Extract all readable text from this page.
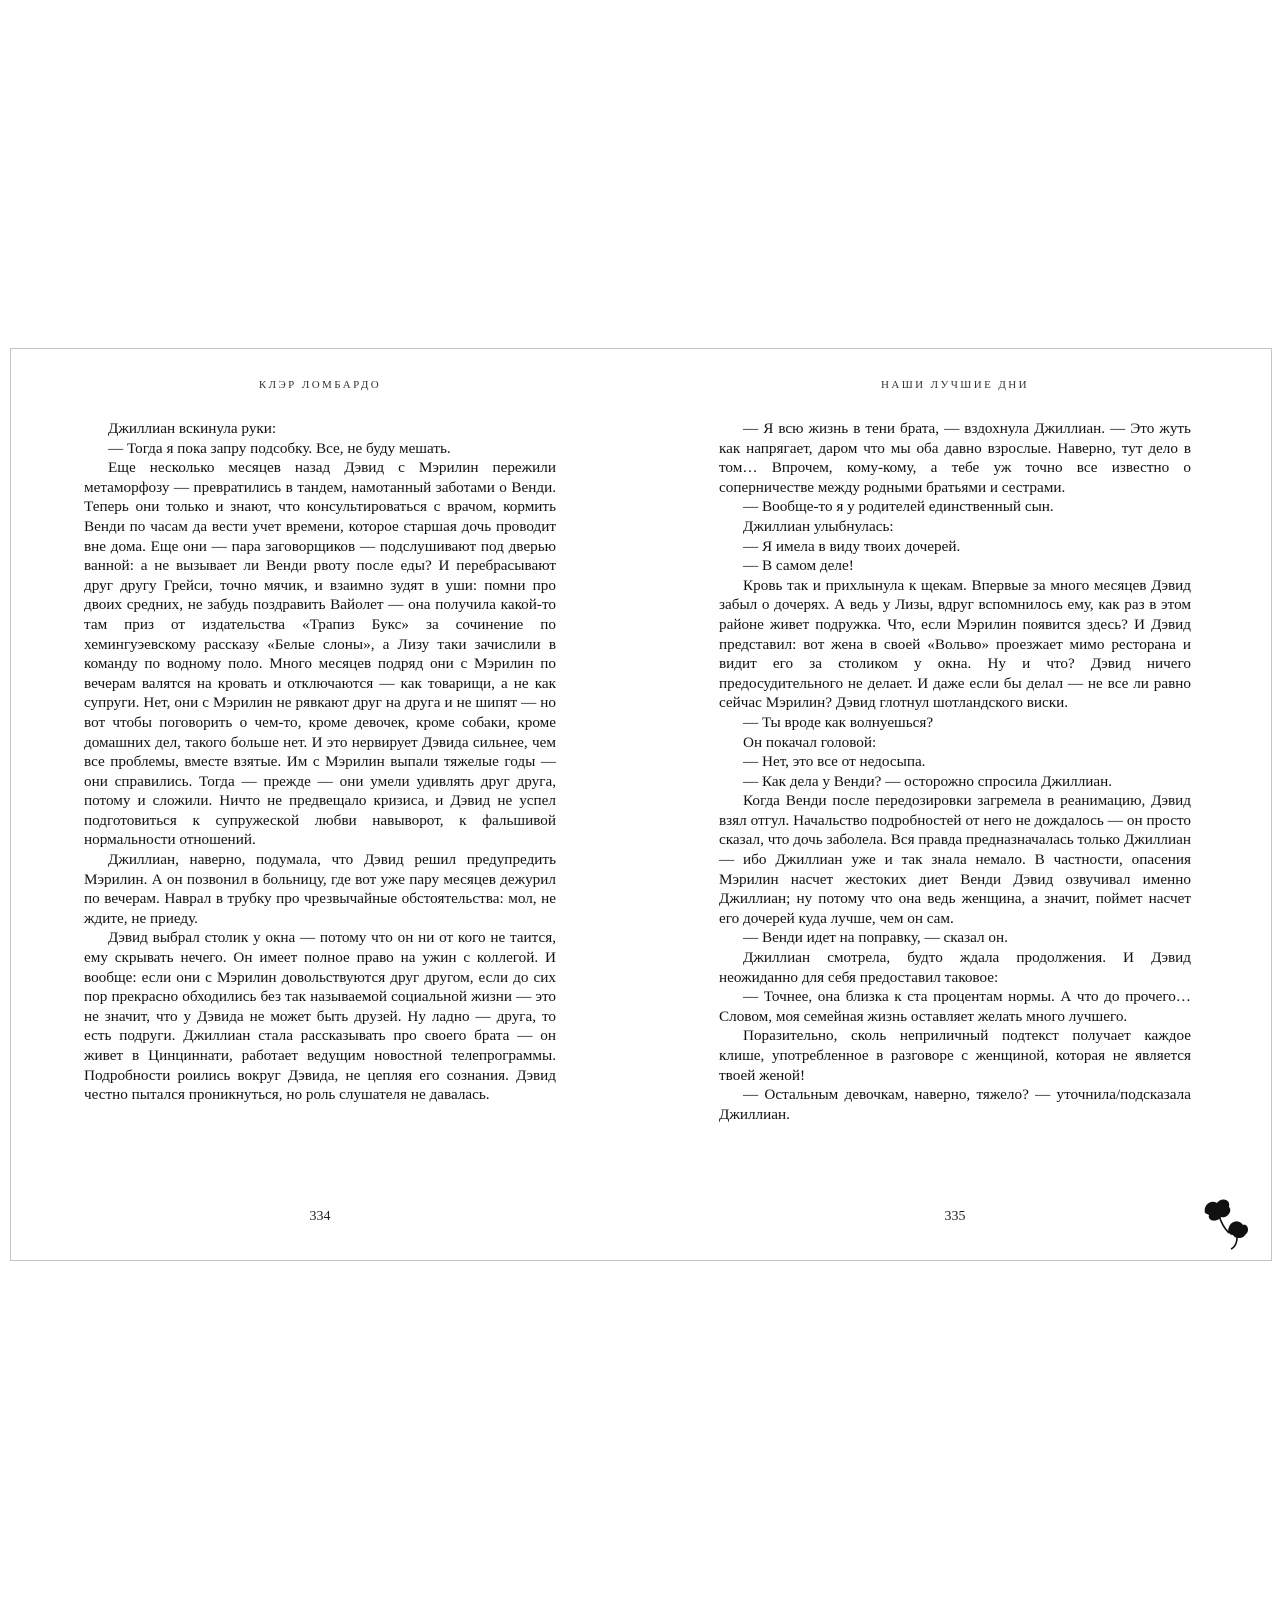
КЛЭР ЛОМБАРДО

Джиллиан вскинула руки:

— Тогда я пока запру подсобку. Все, не буду мешать.

Еще несколько месяцев назад Дэвид с Мэрилин пережили метаморфозу — превратились в тандем, намотанный заботами о Венди. Теперь они только и знают, что консультироваться с врачом, кормить Венди по часам да вести учет времени, которое старшая дочь проводит вне дома. Еще они — пара заговорщиков — подслушивают под дверью ванной: а не вызывает ли Венди рвоту после еды? И перебрасывают друг другу Грейси, точно мячик, и взаимно зудят в уши: помни про двоих средних, не забудь поздравить Вайолет — она получила какой-то там приз от издательства «Трапиз Букс» за сочинение по хемингуэевскому рассказу «Белые слоны», а Лизу таки зачислили в команду по водному поло. Много месяцев подряд они с Мэрилин по вечерам валятся на кровать и отключаются — как товарищи, а не как супруги. Нет, они с Мэрилин не рявкают друг на друга и не шипят — но вот чтобы поговорить о чем-то, кроме девочек, кроме собаки, кроме домашних дел, такого больше нет. И это нервирует Дэвида сильнее, чем все проблемы, вместе взятые. Им с Мэрилин выпали тяжелые годы — они справились. Тогда — прежде — они умели удивлять друг друга, потому и сложили. Ничто не предвещало кризиса, и Дэвид не успел подготовиться к супружеской любви навыворот, к фальшивой нормальности отношений.

Джиллиан, наверно, подумала, что Дэвид решил предупредить Мэрилин. А он позвонил в больницу, где вот уже пару месяцев дежурил по вечерам. Наврал в трубку про чрезвычайные обстоятельства: мол, не ждите, не приеду.

Дэвид выбрал столик у окна — потому что он ни от кого не таится, ему скрывать нечего. Он имеет полное право на ужин с коллегой. И вообще: если они с Мэрилин довольствуются друг другом, если до сих пор прекрасно обходились без так называемой социальной жизни — это не значит, что у Дэвида не может быть друзей. Ну ладно — друга, то есть подруги. Джиллиан стала рассказывать про своего брата — он живет в Цинциннати, работает ведущим новостной телепрограммы. Подробности роились вокруг Дэвида, не цепляя его сознания. Дэвид честно пытался проникнуться, но роль слушателя не давалась.

334
НАШИ ЛУЧШИЕ ДНИ

— Я всю жизнь в тени брата, — вздохнула Джиллиан. — Это жуть как напрягает, даром что мы оба давно взрослые. Наверно, тут дело в том… Впрочем, кому-кому, а тебе уж точно все известно о соперничестве между родными братьями и сестрами.

— Вообще-то я у родителей единственный сын.

Джиллиан улыбнулась:

— Я имела в виду твоих дочерей.

— В самом деле!

Кровь так и прихлынула к щекам. Впервые за много месяцев Дэвид забыл о дочерях. А ведь у Лизы, вдруг вспомнилось ему, как раз в этом районе живет подружка. Что, если Мэрилин появится здесь? И Дэвид представил: вот жена в своей «Вольво» проезжает мимо ресторана и видит его за столиком у окна. Ну и что? Дэвид ничего предосудительного не делает. И даже если бы делал — не все ли равно сейчас Мэрилин? Дэвид глотнул шотландского виски.

— Ты вроде как волнуешься?

Он покачал головой:

— Нет, это все от недосыпа.

— Как дела у Венди? — осторожно спросила Джиллиан.

Когда Венди после передозировки загремела в реанимацию, Дэвид взял отгул. Начальство подробностей от него не дождалось — он просто сказал, что дочь заболела. Вся правда предназначалась только Джиллиан — ибо Джиллиан уже и так знала немало. В частности, опасения Мэрилин насчет жестоких диет Венди Дэвид озвучивал именно Джиллиан; ну потому что она ведь женщина, а значит, поймет насчет его дочерей куда лучше, чем он сам.

— Венди идет на поправку, — сказал он.

Джиллиан смотрела, будто ждала продолжения. И Дэвид неожиданно для себя предоставил таковое:

— Точнее, она близка к ста процентам нормы. А что до прочего… Словом, моя семейная жизнь оставляет желать много лучшего.

Поразительно, сколь неприличный подтекст получает каждое клише, употребленное в разговоре с женщиной, которая не является твоей женой!

— Остальным девочкам, наверно, тяжело? — уточнила/подсказала Джиллиан.

335
